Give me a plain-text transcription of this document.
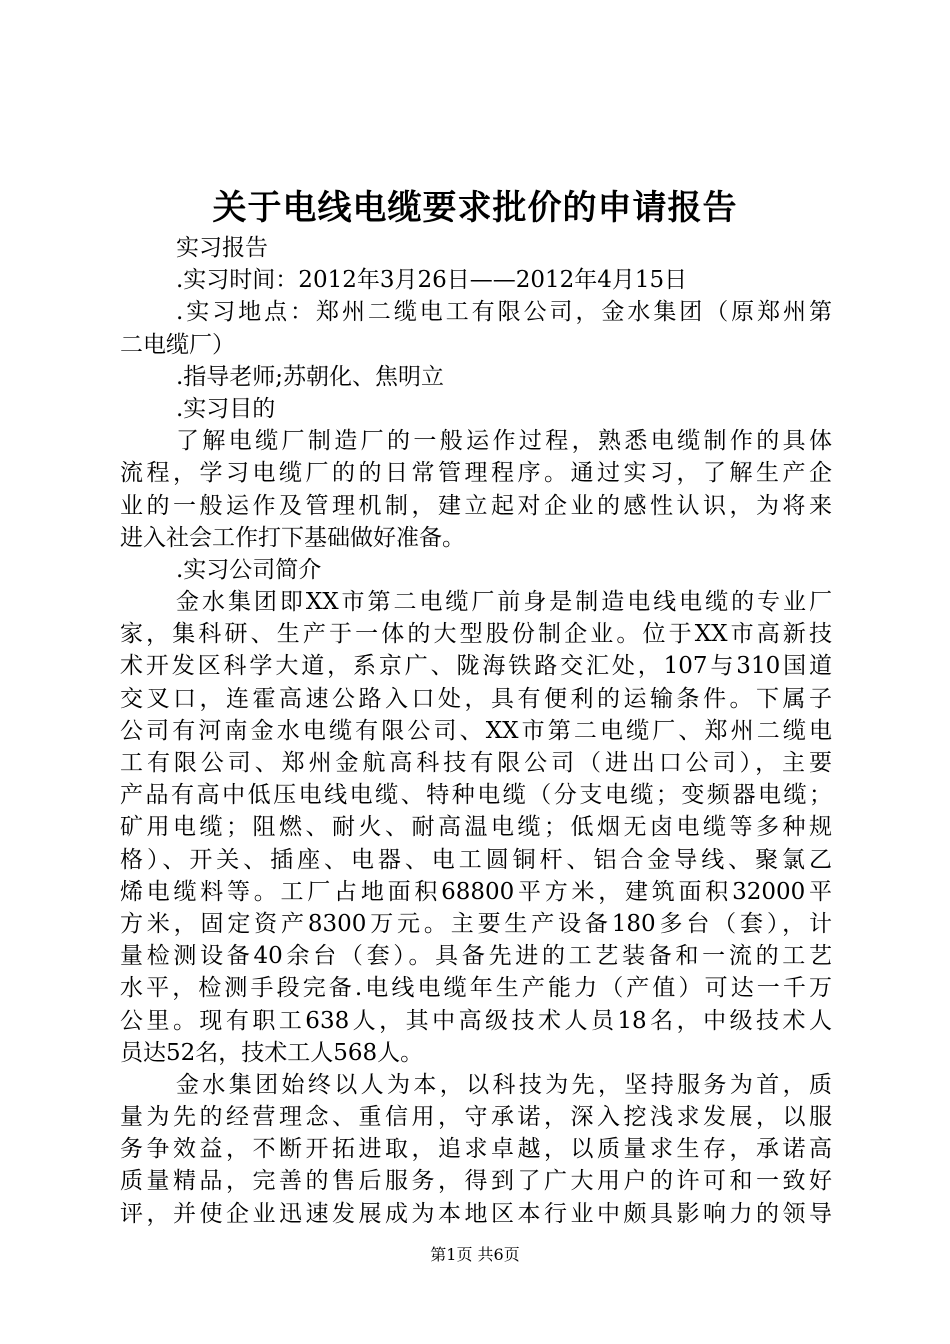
关于电线电缆要求批价的申请报告
实习报告
.实习时间：2012年3月26日——2012年4月15日
.实习地点：郑州二缆电工有限公司，金水集团（原郑州第
二电缆厂）
.指导老师;苏朝化、焦明立
.实习目的
了解电缆厂制造厂的一般运作过程，熟悉电缆制作的具体
流程，学习电缆厂的的日常管理程序。通过实习，了解生产企
业的一般运作及管理机制，建立起对企业的感性认识，为将来
进入社会工作打下基础做好准备。
.实习公司简介
金水集团即XX市第二电缆厂前身是制造电线电缆的专业厂
家，集科研、生产于一体的大型股份制企业。位于XX市高新技
术开发区科学大道，系京广、陇海铁路交汇处，107与310国道
交叉口，连霍高速公路入口处，具有便利的运输条件。下属子
公司有河南金水电缆有限公司、XX市第二电缆厂、郑州二缆电
工有限公司、郑州金航高科技有限公司（进出口公司），主要
产品有高中低压电线电缆、特种电缆（分支电缆；变频器电缆；
矿用电缆；阻燃、耐火、耐高温电缆；低烟无卤电缆等多种规
格）、开关、插座、电器、电工圆铜杆、铝合金导线、聚氯乙
烯电缆料等。工厂占地面积68800平方米，建筑面积32000平
方米，固定资产8300万元。主要生产设备180多台（套），计
量检测设备40余台（套）。具备先进的工艺装备和一流的工艺
水平，检测手段完备.电线电缆年生产能力（产值）可达一千万
公里。现有职工638人，其中高级技术人员18名，中级技术人
员达52名，技术工人568人。
金水集团始终以人为本，以科技为先，坚持服务为首，质
量为先的经营理念、重信用，守承诺，深入挖浅求发展，以服
务争效益，不断开拓进取，追求卓越，以质量求生存，承诺高
质量精品，完善的售后服务，得到了广大用户的许可和一致好
评，并使企业迅速发展成为本地区本行业中颇具影响力的领导
第1页 共6页
